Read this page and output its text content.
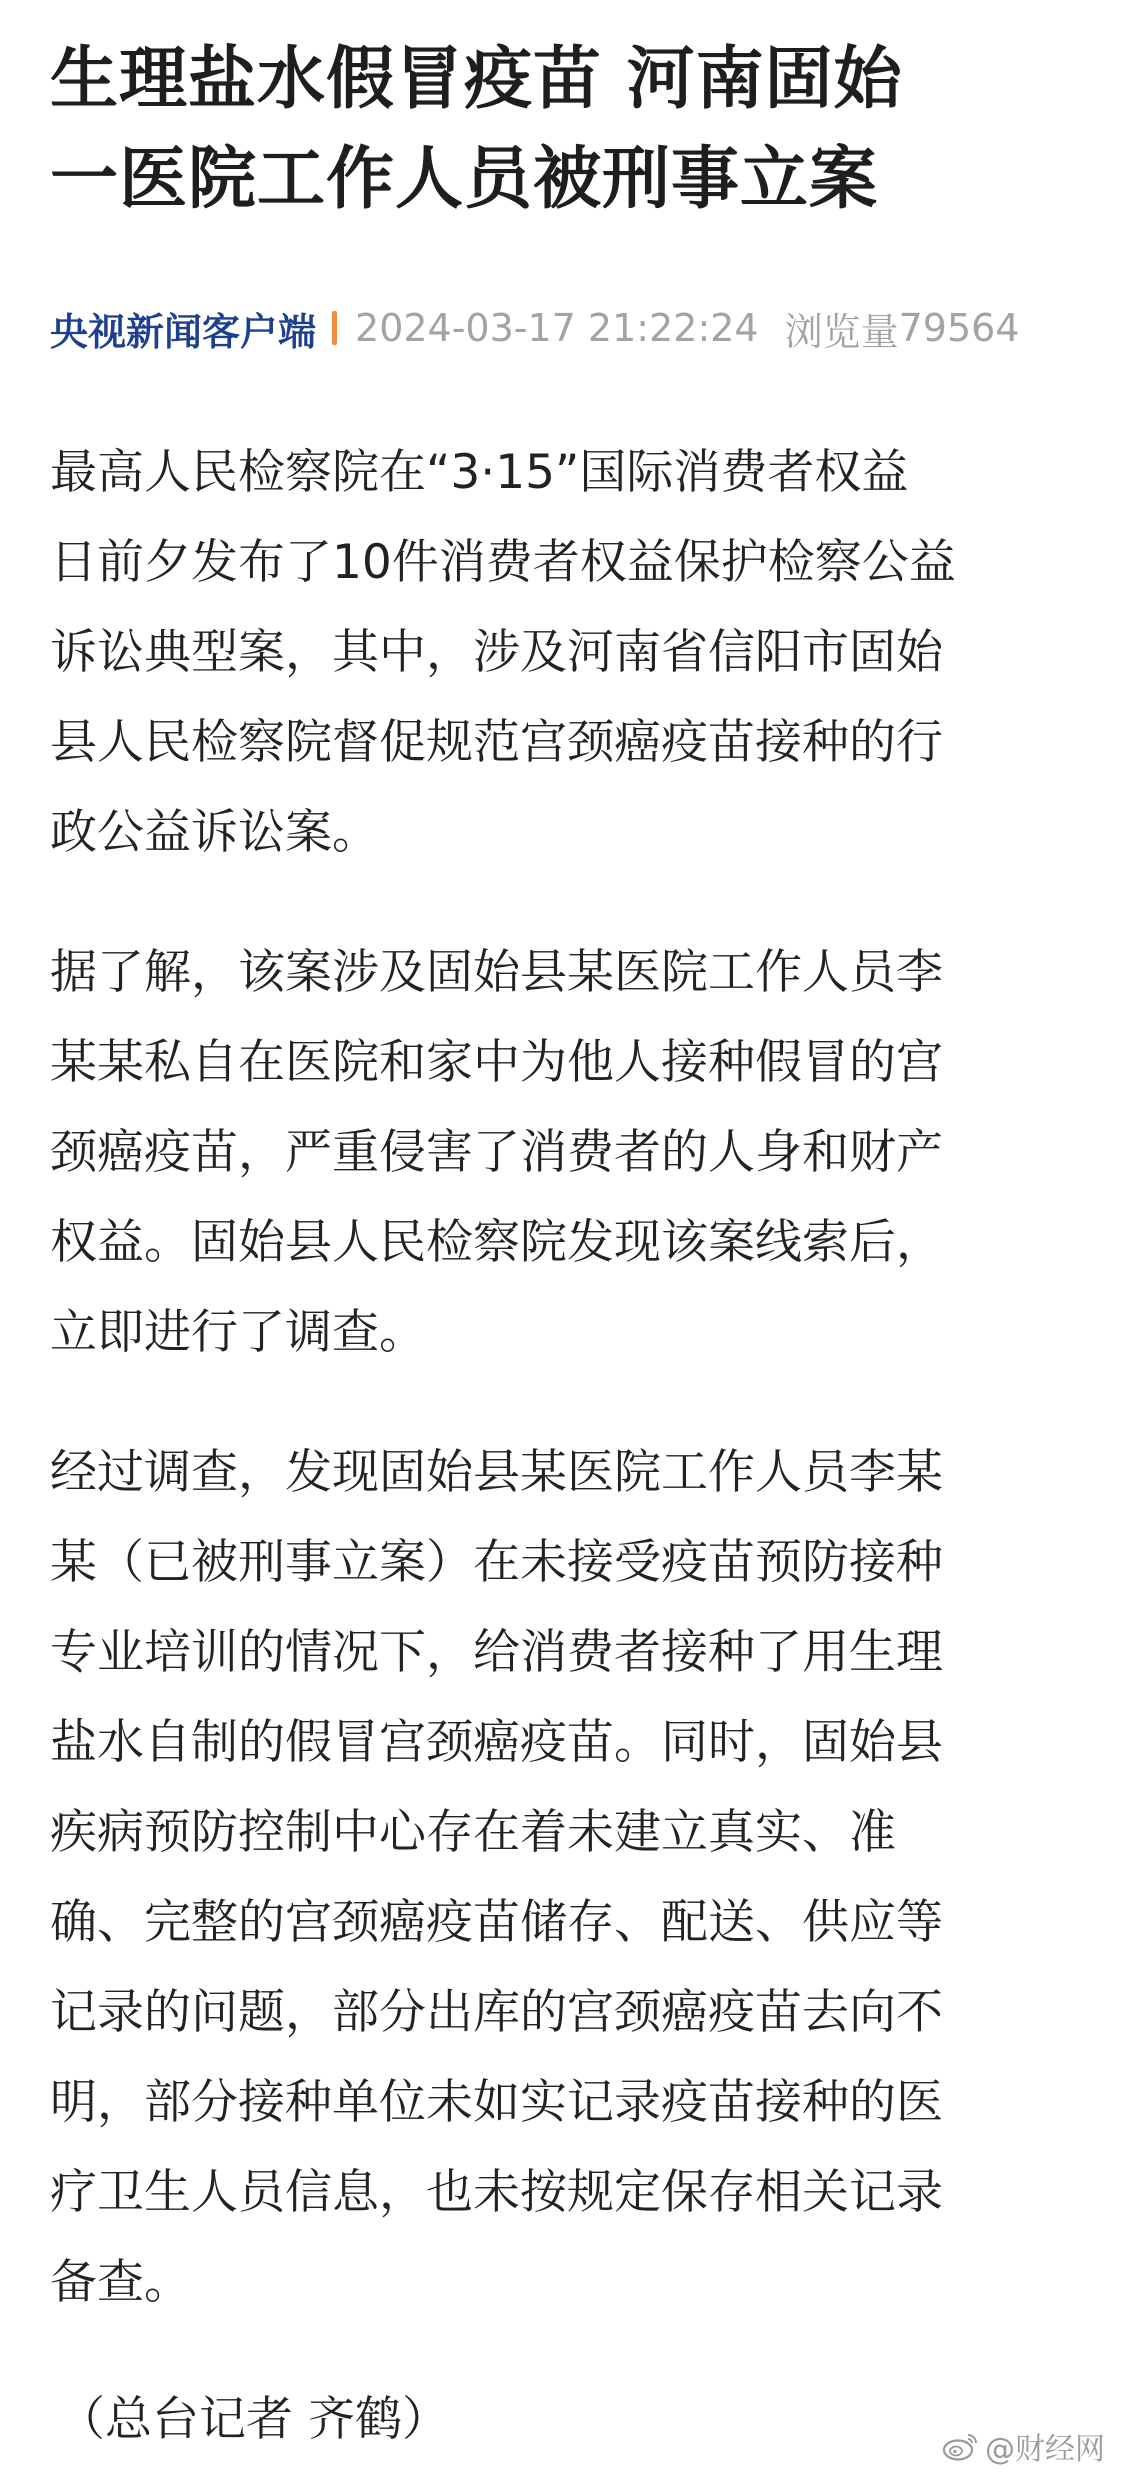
生理盐水假冒疫苗 河南固始
一医院工作人员被刑事立案
央视新闻客户端 2024-03-17 21:22:24 浏览量 79564

最高人民检察院在“3·15”国际消费者权益
日前夕发布了10件消费者权益保护检察公益
诉讼典型案，其中，涉及河南省信阳市固始
县人民检察院督促规范宫颈癌疫苗接种的行
政公益诉讼案。

据了解，该案涉及固始县某医院工作人员李
某某私自在医院和家中为他人接种假冒的宫
颈癌疫苗，严重侵害了消费者的人身和财产
权益。固始县人民检察院发现该案线索后，
立即进行了调查。

经过调查，发现固始县某医院工作人员李某
某（已被刑事立案）在未接受疫苗预防接种
专业培训的情况下，给消费者接种了用生理
盐水自制的假冒宫颈癌疫苗。同时，固始县
疾病预防控制中心存在着未建立真实、准
确、完整的宫颈癌疫苗储存、配送、供应等
记录的问题，部分出库的宫颈癌疫苗去向不
明，部分接种单位未如实记录疫苗接种的医
疗卫生人员信息，也未按规定保存相关记录
备查。

（总台记者 齐鹤）
@财经网
